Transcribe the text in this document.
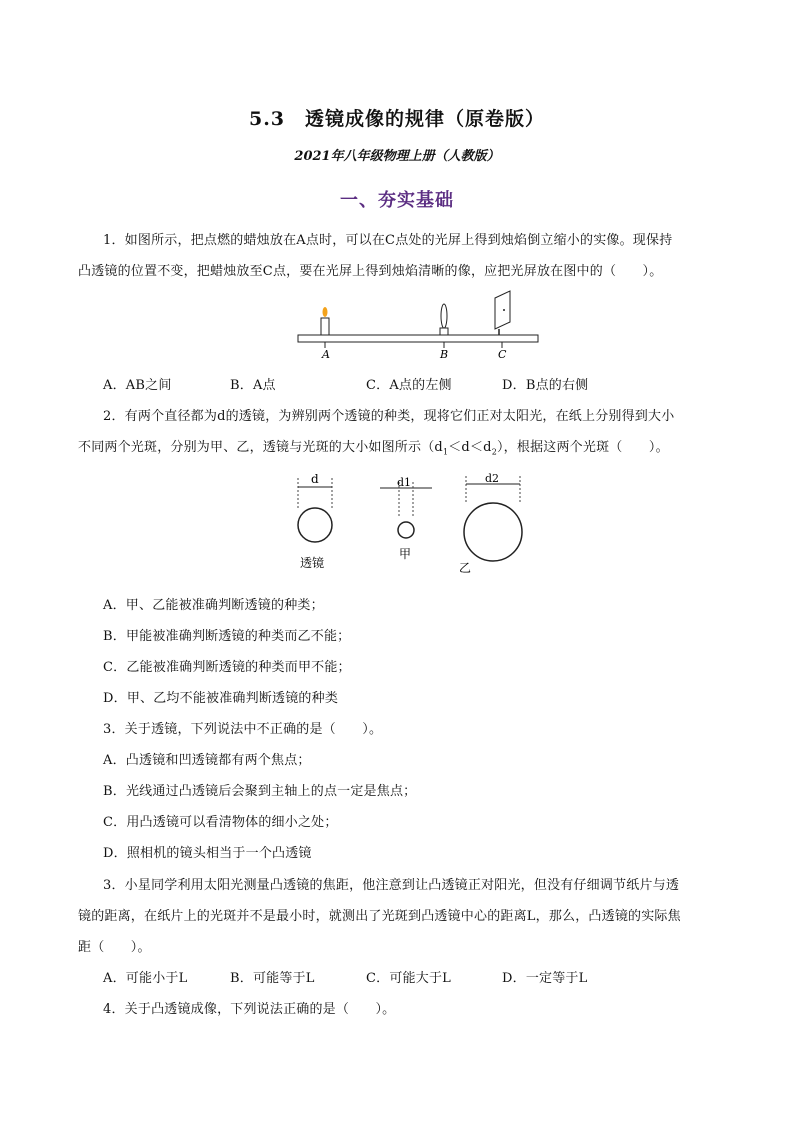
5.3　透镜成像的规律（原卷版）
2021年八年级物理上册（人教版）
一、夯实基础
1．如图所示，把点燃的蜡烛放在A点时，可以在C点处的光屏上得到烛焰倒立缩小的实像。现保持
凸透镜的位置不变，把蜡烛放至C点，要在光屏上得到烛焰清晰的像，应把光屏放在图中的（　　）。
A	B	C
A．AB之间	B．A点	C．A点的左侧	D．B点的右侧
2．有两个直径都为d的透镜，为辨别两个透镜的种类，现将它们正对太阳光，在纸上分别得到大小
不同两个光斑，分别为甲、乙，透镜与光斑的大小如图所示$(d_1<d<d_2)$，根据这两个光斑（　　）。
d
透镜
d1
甲
d2
乙
A．甲、乙能被准确判断透镜的种类；
B．甲能被准确判断透镜的种类而乙不能；
C．乙能被准确判断透镜的种类而甲不能；
D．甲、乙均不能被准确判断透镜的种类
3．关于透镜，下列说法中不正确的是（　　）。
A．凸透镜和凹透镜都有两个焦点；
B．光线通过凸透镜后会聚到主轴上的点一定是焦点；
C．用凸透镜可以看清物体的细小之处；
D．照相机的镜头相当于一个凸透镜
3．小星同学利用太阳光测量凸透镜的焦距，他注意到让凸透镜正对阳光，但没有仔细调节纸片与透
镜的距离，在纸片上的光斑并不是最小时，就测出了光斑到凸透镜中心的距离L，那么，凸透镜的实际焦
距（　　）。
A．可能小于L	B．可能等于L	C．可能大于L	D．一定等于L
4．关于凸透镜成像，下列说法正确的是（　　）。
